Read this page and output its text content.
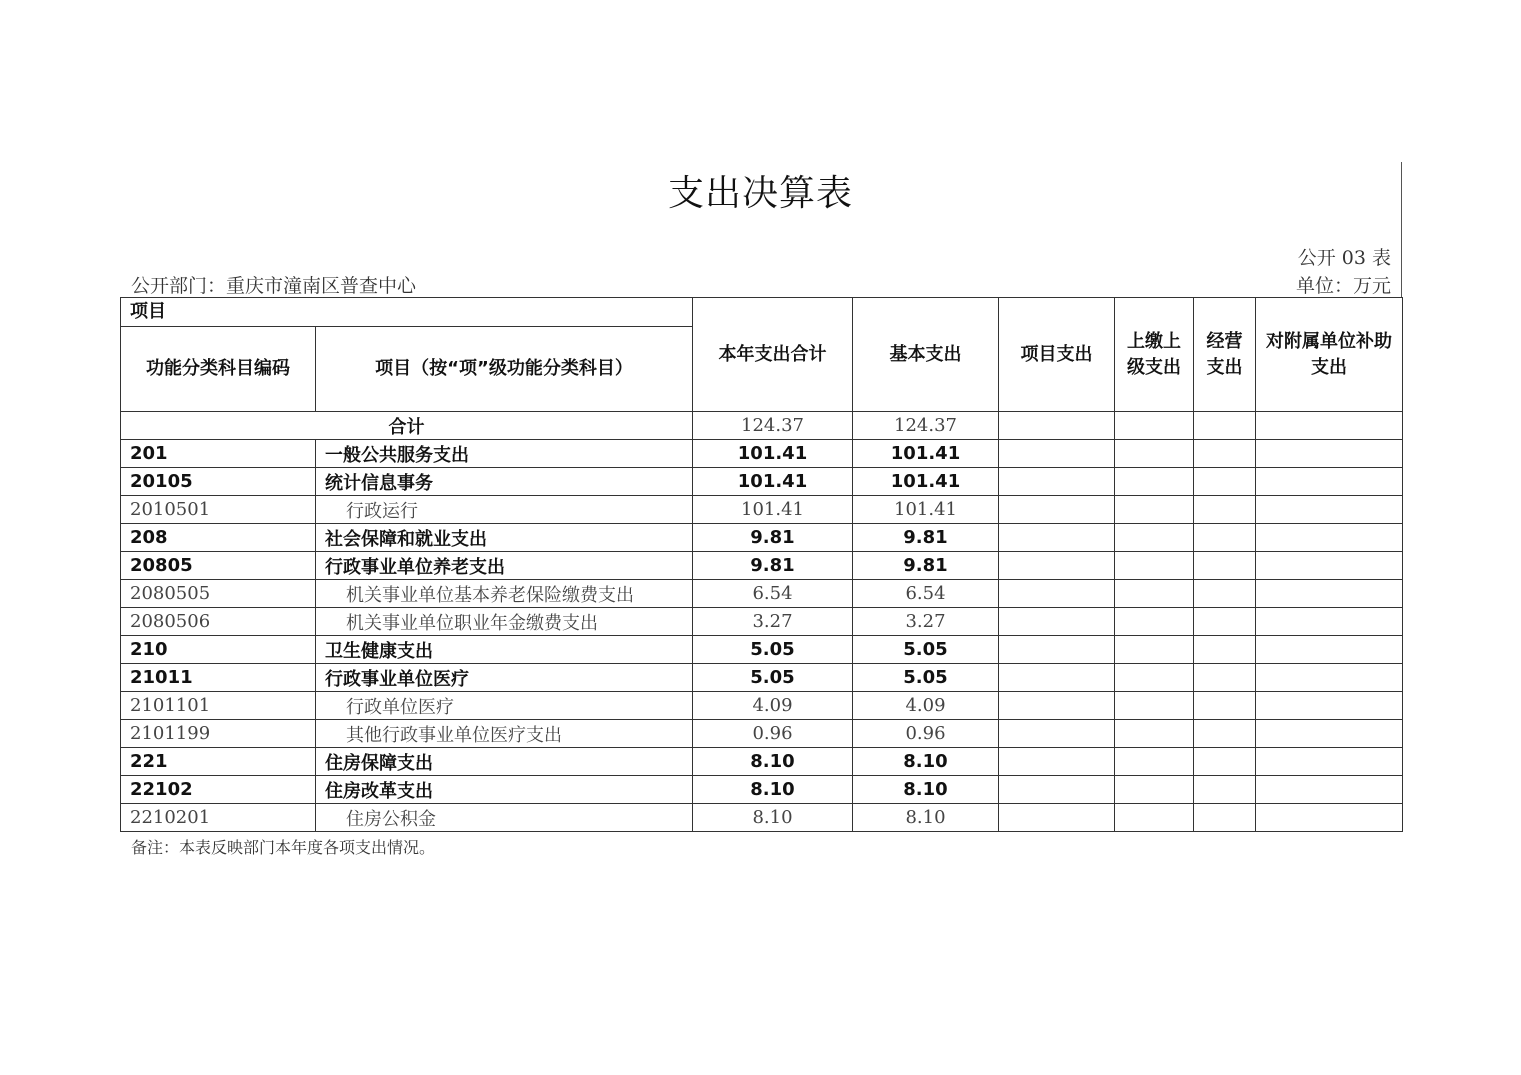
支出决算表
公开 03 表
公开部门：重庆市潼南区普查中心	单位：万元
项目		本年支出合计	基本支出	项目支出	上缴上级支出	经营支出	对附属单位补助支出
功能分类科目编码	项目（按“项”级功能分类科目）						
合计		124.37	124.37				
201	一般公共服务支出	101.41	101.41				
20105	统计信息事务	101.41	101.41				
2010501	行政运行	101.41	101.41				
208	社会保障和就业支出	9.81	9.81				
20805	行政事业单位养老支出	9.81	9.81				
2080505	机关事业单位基本养老保险缴费支出	6.54	6.54				
2080506	机关事业单位职业年金缴费支出	3.27	3.27				
210	卫生健康支出	5.05	5.05				
21011	行政事业单位医疗	5.05	5.05				
2101101	行政单位医疗	4.09	4.09				
2101199	其他行政事业单位医疗支出	0.96	0.96				
221	住房保障支出	8.10	8.10				
22102	住房改革支出	8.10	8.10				
2210201	住房公积金	8.10	8.10				
备注：本表反映部门本年度各项支出情况。
